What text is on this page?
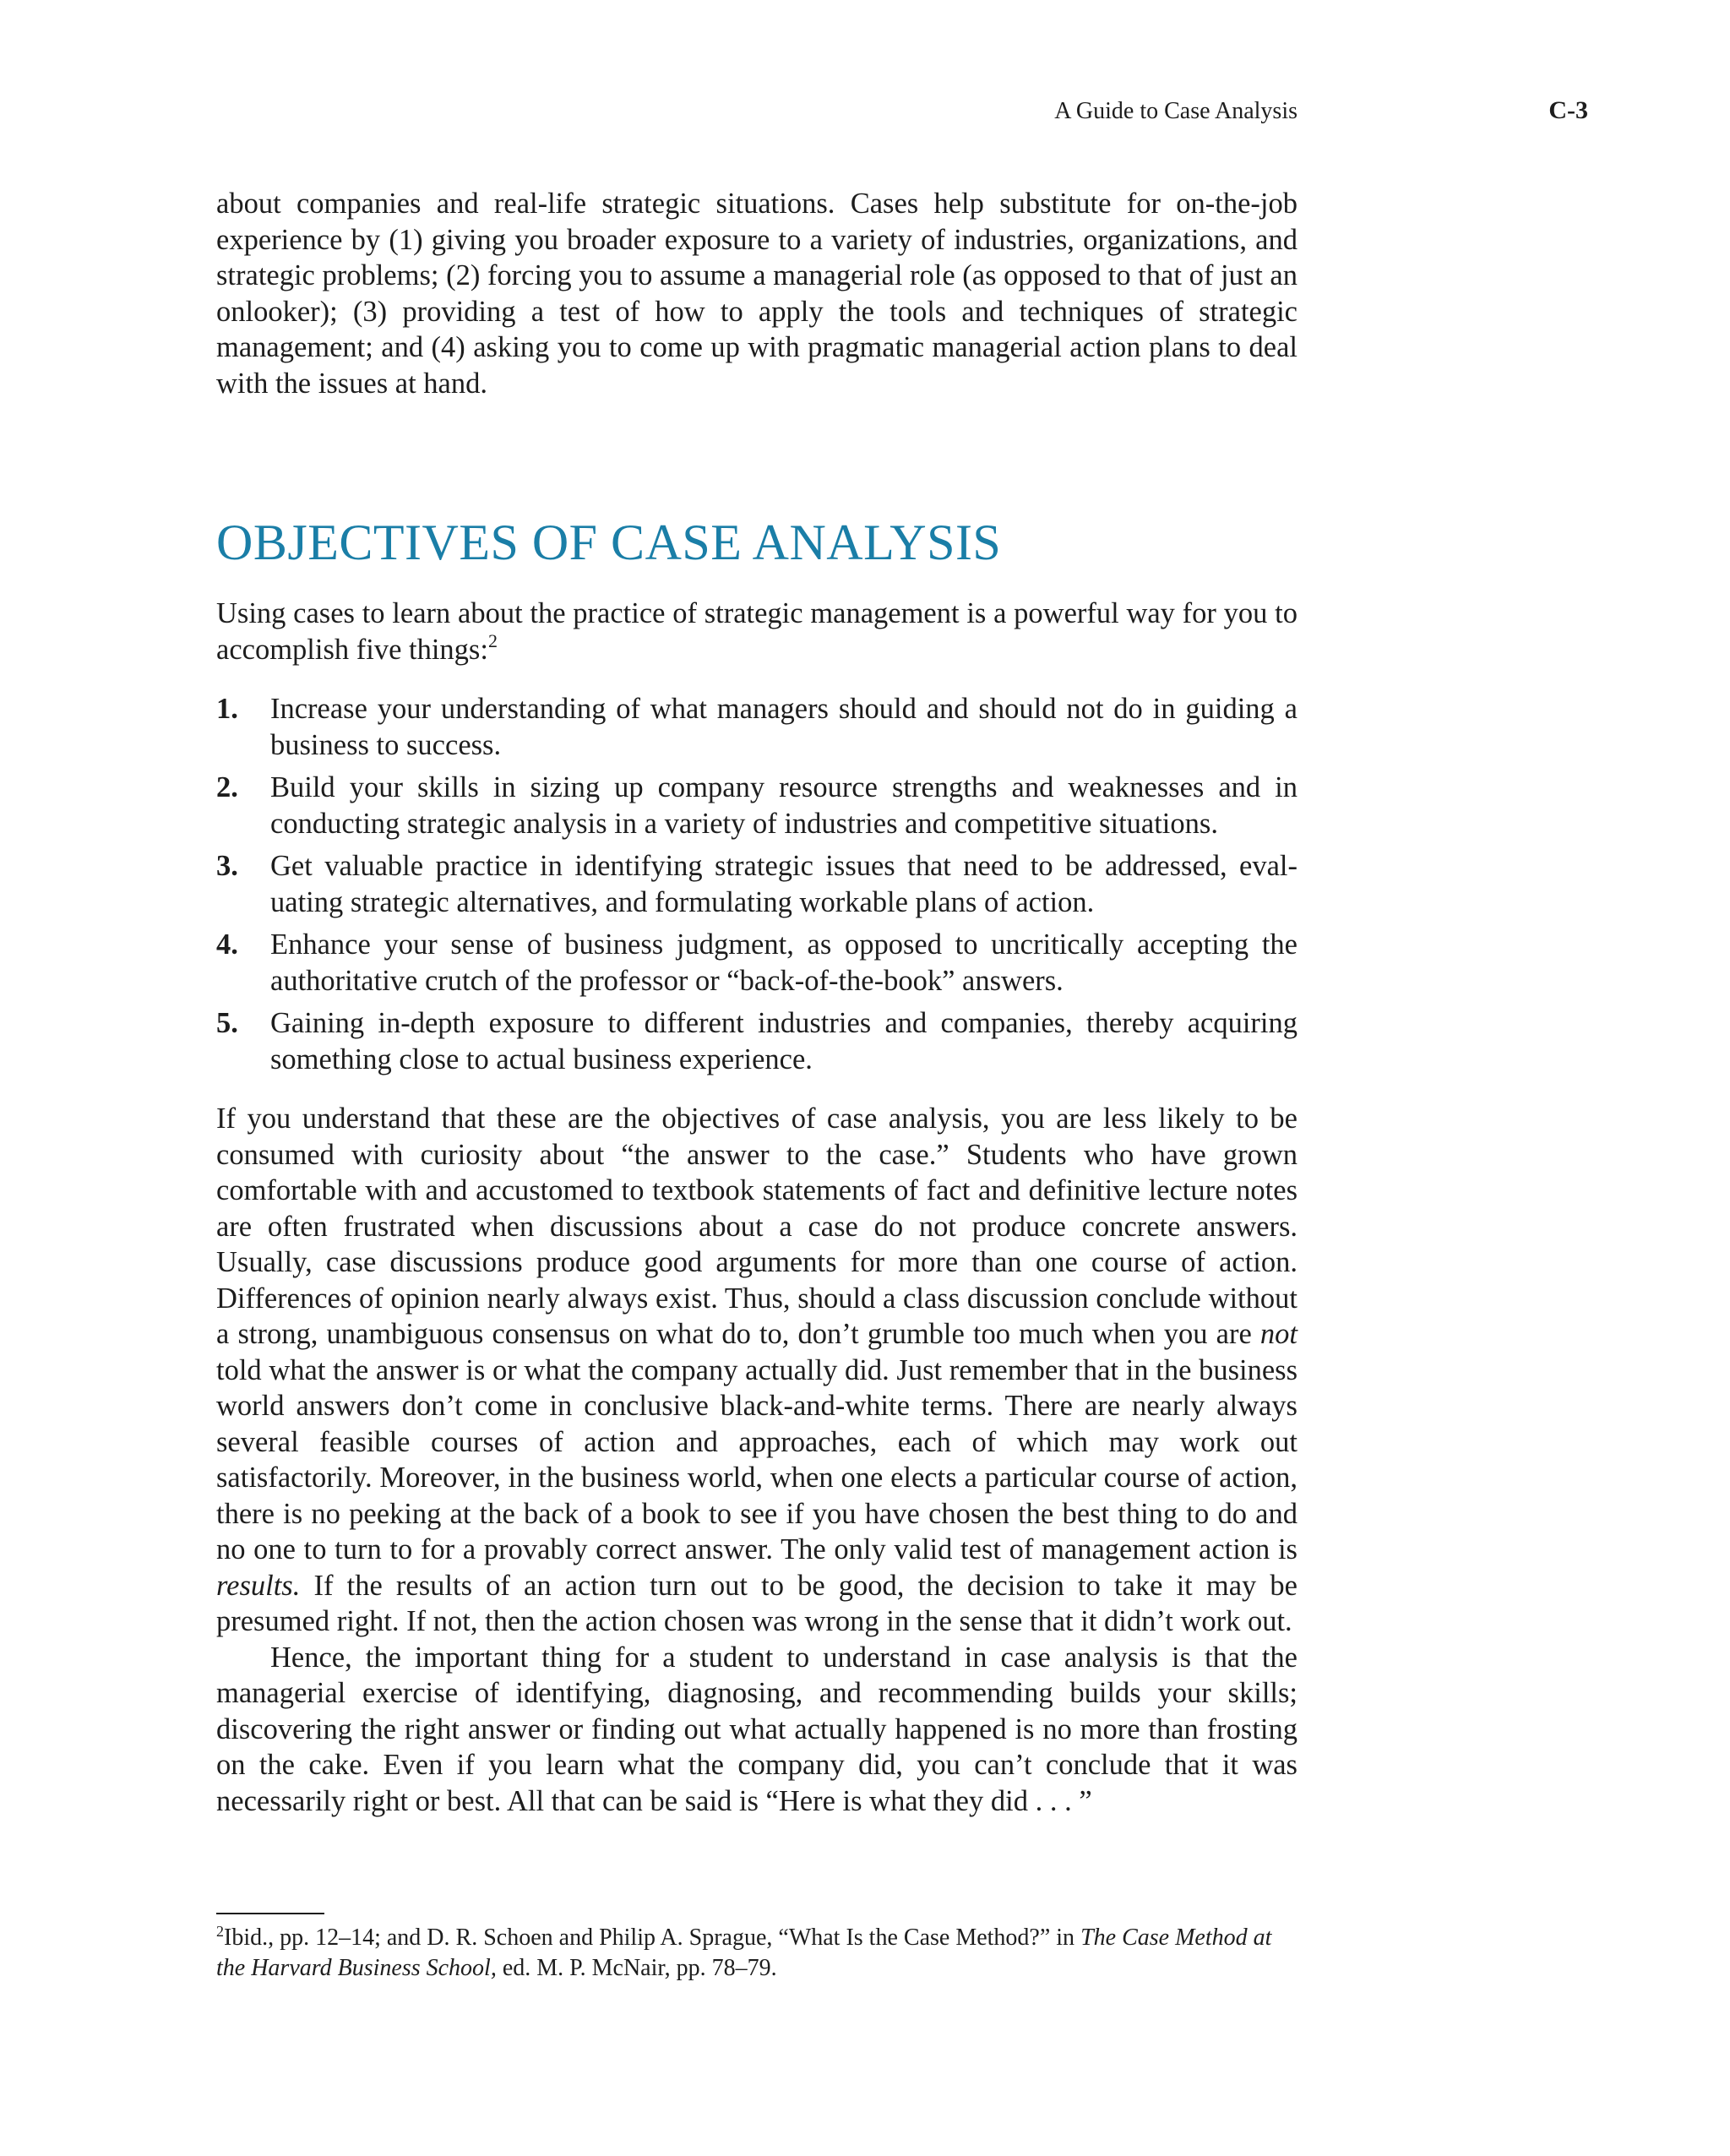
A Guide to Case Analysis	C-3

about companies and real-life strategic situations. Cases help substitute for on-the-job experience by (1) giving you broader exposure to a variety of industries, organizations, and strategic problems; (2) forcing you to assume a managerial role (as opposed to that of just an onlooker); (3) providing a test of how to apply the tools and techniques of strategic management; and (4) asking you to come up with pragmatic managerial action plans to deal with the issues at hand.

OBJECTIVES OF CASE ANALYSIS

Using cases to learn about the practice of strategic management is a powerful way for you to accomplish five things:$^2$

1.	Increase your understanding of what managers should and should not do in guiding a business to success.
2.	Build your skills in sizing up company resource strengths and weaknesses and in conducting strategic analysis in a variety of industries and competitive situations.
3.	Get valuable practice in identifying strategic issues that need to be addressed, evaluating strategic alternatives, and formulating workable plans of action.
4.	Enhance your sense of business judgment, as opposed to uncritically accepting the authoritative crutch of the professor or “back-of-the-book” answers.
5.	Gaining in-depth exposure to different industries and companies, thereby acquiring something close to actual business experience.

If you understand that these are the objectives of case analysis, you are less likely to be consumed with curiosity about “the answer to the case.” Students who have grown comfortable with and accustomed to textbook statements of fact and definitive lecture notes are often frustrated when discussions about a case do not produce concrete answers. Usually, case discussions produce good arguments for more than one course of action. Differences of opinion nearly always exist. Thus, should a class discussion conclude without a strong, unambiguous consensus on what do to, don’t grumble too much when you are not told what the answer is or what the company actually did. Just remember that in the business world answers don’t come in conclusive black-and-white terms. There are nearly always several feasible courses of action and approaches, each of which may work out satisfactorily. Moreover, in the business world, when one elects a particular course of action, there is no peeking at the back of a book to see if you have chosen the best thing to do and no one to turn to for a provably correct answer. The only valid test of management action is results. If the results of an action turn out to be good, the decision to take it may be presumed right. If not, then the action chosen was wrong in the sense that it didn’t work out.

Hence, the important thing for a student to understand in case analysis is that the managerial exercise of identifying, diagnosing, and recommending builds your skills; discovering the right answer or finding out what actually happened is no more than frosting on the cake. Even if you learn what the company did, you can’t conclude that it was necessarily right or best. All that can be said is “Here is what they did . . . ”

$^2$Ibid., pp. 12–14; and D. R. Schoen and Philip A. Sprague, “What Is the Case Method?” in The Case Method at the Harvard Business School, ed. M. P. McNair, pp. 78–79.
